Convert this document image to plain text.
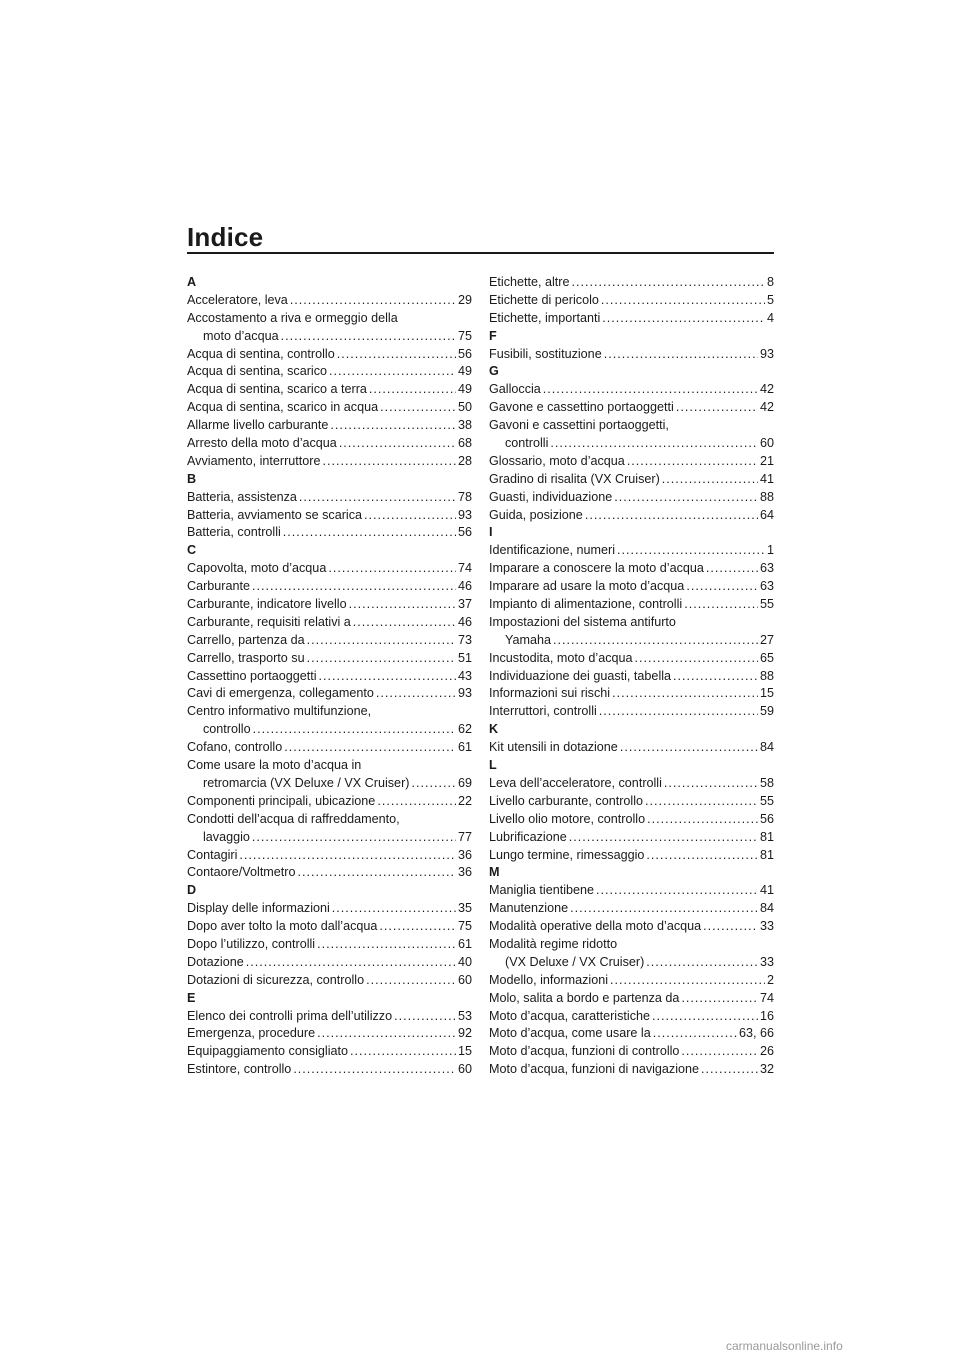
Indice
A
Acceleratore, leva .....	29
Accostamento a riva e ormeggio della
moto d’acqua .....	75
Acqua di sentina, controllo .....	56
Acqua di sentina, scarico .....	49
Acqua di sentina, scarico a terra .....	49
Acqua di sentina, scarico in acqua .....	50
Allarme livello carburante .....	38
Arresto della moto d’acqua .....	68
Avviamento, interruttore .....	28
B
Batteria, assistenza .....	78
Batteria, avviamento se scarica .....	93
Batteria, controlli .....	56
C
Capovolta, moto d’acqua .....	74
Carburante .....	46
Carburante, indicatore livello .....	37
Carburante, requisiti relativi a .....	46
Carrello, partenza da .....	73
Carrello, trasporto su .....	51
Cassettino portaoggetti .....	43
Cavi di emergenza, collegamento .....	93
Centro informativo multifunzione,
controllo .....	62
Cofano, controllo .....	61
Come usare la moto d’acqua in
retromarcia (VX Deluxe / VX Cruiser) .....	69
Componenti principali, ubicazione .....	22
Condotti dell’acqua di raffreddamento,
lavaggio .....	77
Contagiri .....	36
Contaore/Voltmetro .....	36
D
Display delle informazioni .....	35
Dopo aver tolto la moto dall’acqua .....	75
Dopo l’utilizzo, controlli .....	61
Dotazione .....	40
Dotazioni di sicurezza, controllo .....	60
E
Elenco dei controlli prima dell’utilizzo .....	53
Emergenza, procedure .....	92
Equipaggiamento consigliato .....	15
Estintore, controllo .....	60
Etichette, altre .....	8
Etichette di pericolo .....	5
Etichette, importanti .....	4
F
Fusibili, sostituzione .....	93
G
Galloccia .....	42
Gavone e cassettino portaoggetti .....	42
Gavoni e cassettini portaoggetti,
controlli .....	60
Glossario, moto d’acqua .....	21
Gradino di risalita (VX Cruiser) .....	41
Guasti, individuazione .....	88
Guida, posizione .....	64
I
Identificazione, numeri .....	1
Imparare a conoscere la moto d’acqua .....	63
Imparare ad usare la moto d’acqua .....	63
Impianto di alimentazione, controlli .....	55
Impostazioni del sistema antifurto
Yamaha .....	27
Incustodita, moto d’acqua .....	65
Individuazione dei guasti, tabella .....	88
Informazioni sui rischi .....	15
Interruttori, controlli .....	59
K
Kit utensili in dotazione .....	84
L
Leva dell’acceleratore, controlli .....	58
Livello carburante, controllo .....	55
Livello olio motore, controllo .....	56
Lubrificazione .....	81
Lungo termine, rimessaggio .....	81
M
Maniglia tientibene .....	41
Manutenzione .....	84
Modalità operative della moto d’acqua .....	33
Modalità regime ridotto
(VX Deluxe / VX Cruiser) .....	33
Modello, informazioni .....	2
Molo, salita a bordo e partenza da .....	74
Moto d’acqua, caratteristiche .....	16
Moto d’acqua, come usare la .....	63, 66
Moto d’acqua, funzioni di controllo .....	26
Moto d’acqua, funzioni di navigazione .....	32
carmanualsonline.info
